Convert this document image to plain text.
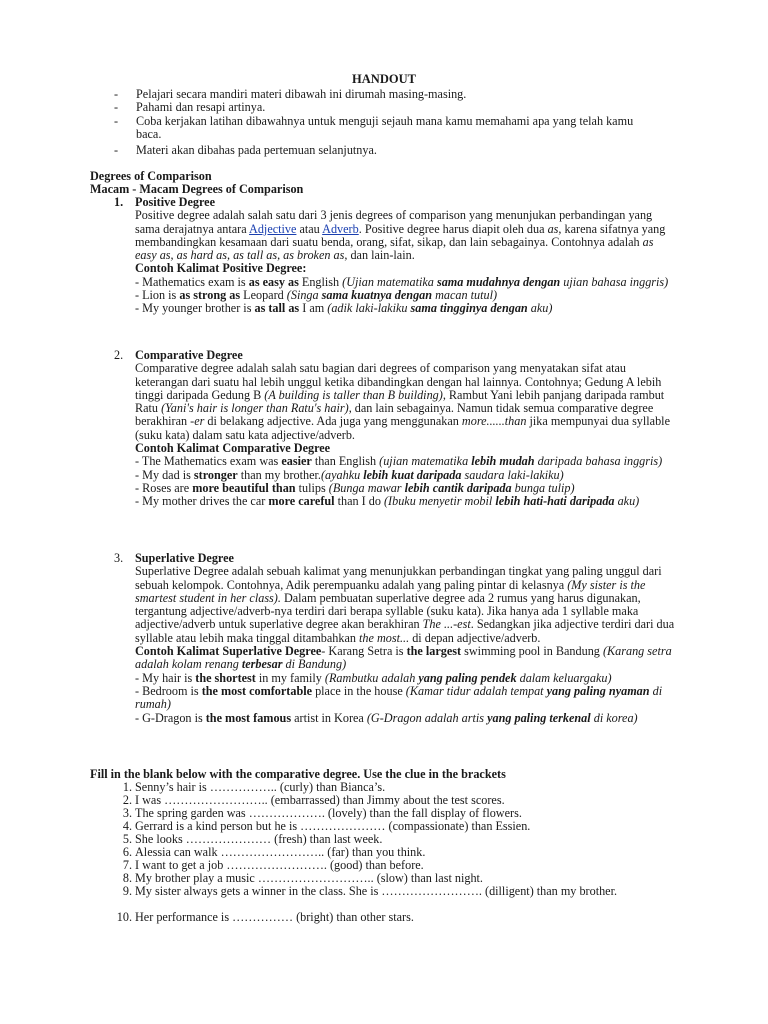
HANDOUT
- Pelajari secara mandiri materi dibawah ini dirumah masing-masing.
- Pahami dan resapi artinya.
- Coba kerjakan latihan dibawahnya untuk menguji sejauh mana kamu memahami apa yang telah kamu baca.
- Materi akan dibahas pada pertemuan selanjutnya.
Degrees of Comparison
Macam - Macam Degrees of Comparison
1. Positive Degree

Positive degree adalah salah satu dari 3 jenis degrees of comparison yang menunjukan perbandingan yang sama derajatnya antara Adjective atau Adverb. Positive degree harus diapit oleh dua as, karena sifatnya yang membandingkan kesamaan dari suatu benda, orang, sifat, sikap, dan lain sebagainya. Contohnya adalah as easy as, as hard as, as tall as, as broken as, dan lain-lain.

Contoh Kalimat Positive Degree:

- Mathematics exam is as easy as English (Ujian matematika sama mudahnya dengan ujian bahasa inggris)

- Lion is as strong as Leopard (Singa sama kuatnya dengan macan tutul)

- My younger brother is as tall as I am (adik laki-lakiku sama tingginya dengan aku)

2. Comparative Degree

Comparative degree adalah salah satu bagian dari degrees of comparison yang menyatakan sifat atau keterangan dari suatu hal lebih unggul ketika dibandingkan dengan hal lainnya. Contohnya; Gedung A lebih tinggi daripada Gedung B (A building is taller than B building), Rambut Yani lebih panjang daripada rambut Ratu (Yani's hair is longer than Ratu's hair), dan lain sebagainya. Namun tidak semua comparative degree berakhiran -er di belakang adjective. Ada juga yang menggunakan more......than jika mempunyai dua syllable (suku kata) dalam satu kata adjective/adverb.

Contoh Kalimat Comparative Degree

- The Mathematics exam was easier than English (ujian matematika lebih mudah daripada bahasa inggris)

- My dad is stronger than my brother.(ayahku lebih kuat daripada saudara laki-lakiku)

- Roses are more beautiful than tulips (Bunga mawar lebih cantik daripada bunga tulip)

- My mother drives the car more careful than I do (Ibuku menyetir mobil lebih hati-hati daripada aku)

3. Superlative Degree

Superlative Degree adalah sebuah kalimat yang menunjukkan perbandingan tingkat yang paling unggul dari sebuah kelompok. Contohnya, Adik perempuanku adalah yang paling pintar di kelasnya (My sister is the smartest student in her class). Dalam pembuatan superlative degree ada 2 rumus yang harus digunakan, tergantung adjective/adverb-nya terdiri dari berapa syllable (suku kata). Jika hanya ada 1 syllable maka adjective/adverb untuk superlative degree akan berakhiran The ...-est. Sedangkan jika adjective terdiri dari dua syllable atau lebih maka tinggal ditambahkan the most... di depan adjective/adverb.

Contoh Kalimat Superlative Degree- Karang Setra is the largest swimming pool in Bandung (Karang setra adalah kolam renang terbesar di Bandung)

- My hair is the shortest in my family (Rambutku adalah yang paling pendek dalam keluargaku)

- Bedroom is the most comfortable place in the house (Kamar tidur adalah tempat yang paling nyaman di rumah)

- G-Dragon is the most famous artist in Korea (G-Dragon adalah artis yang paling terkenal di korea)

Fill in the blank below with the comparative degree. Use the clue in the brackets
1. Senny’s hair is …………….. (curly) than Bianca’s.
2. I was …………………….. (embarrassed) than Jimmy about the test scores.
3. The spring garden was ………………. (lovely) than the fall display of flowers.
4. Gerrard is a kind person but he is ………………… (compassionate) than Essien.
5. She looks ………………… (fresh) than last week.
6. Alessia can walk …………………….. (far) than you think.
7. I want to get a job ……………………. (good) than before.
8. My brother play a music ……………………….. (slow) than last night.
9. My sister always gets a winner in the class. She is ……………………. (dilligent) than my brother.
10. Her performance is …………… (bright) than other stars.
